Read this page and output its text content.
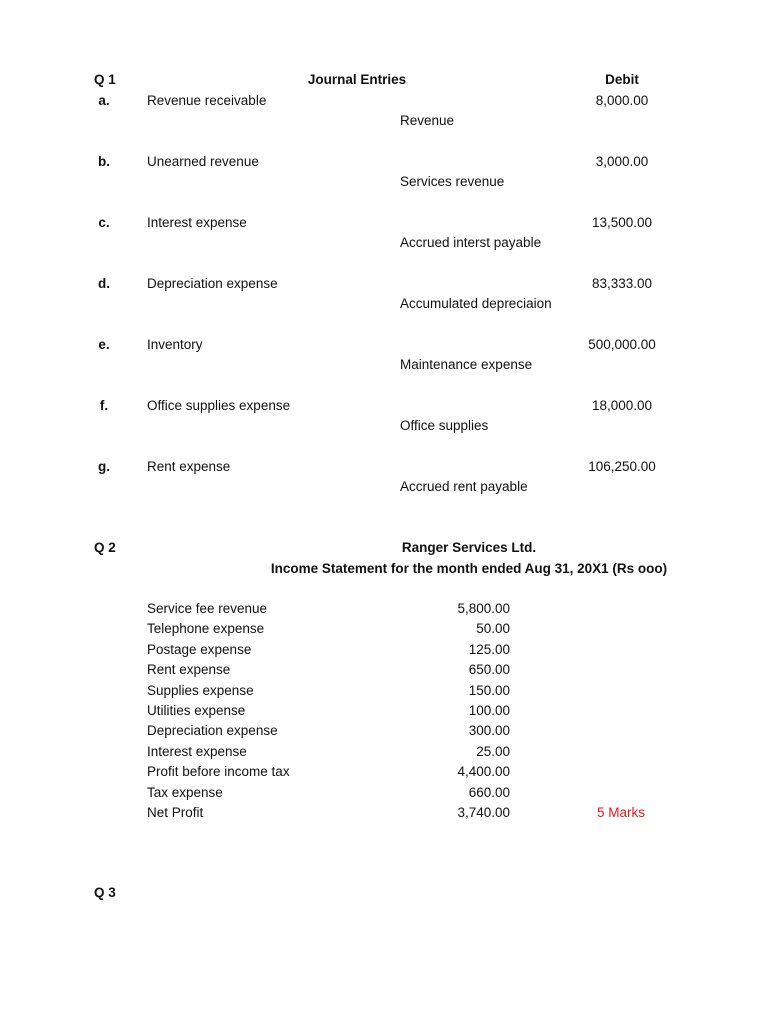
Q 1	Journal Entries	Debit
a.	Revenue receivable	8,000.00
Revenue
b.	Unearned revenue	3,000.00
Services revenue
c.	Interest expense	13,500.00
Accrued interst payable
d.	Depreciation expense	83,333.00
Accumulated depreciaion
e.	Inventory	500,000.00
Maintenance expense
f.	Office supplies expense	18,000.00
Office supplies
g.	Rent expense	106,250.00
Accrued rent payable
Q 2	Ranger Services Ltd.
Income Statement for the month ended Aug 31, 20X1 (Rs ooo)
Service fee revenue	5,800.00
Telephone expense	50.00
Postage expense	125.00
Rent expense	650.00
Supplies expense	150.00
Utilities expense	100.00
Depreciation expense	300.00
Interest expense	25.00
Profit before income tax	4,400.00
Tax expense	660.00
Net Profit	3,740.00	5 Marks
Q 3
